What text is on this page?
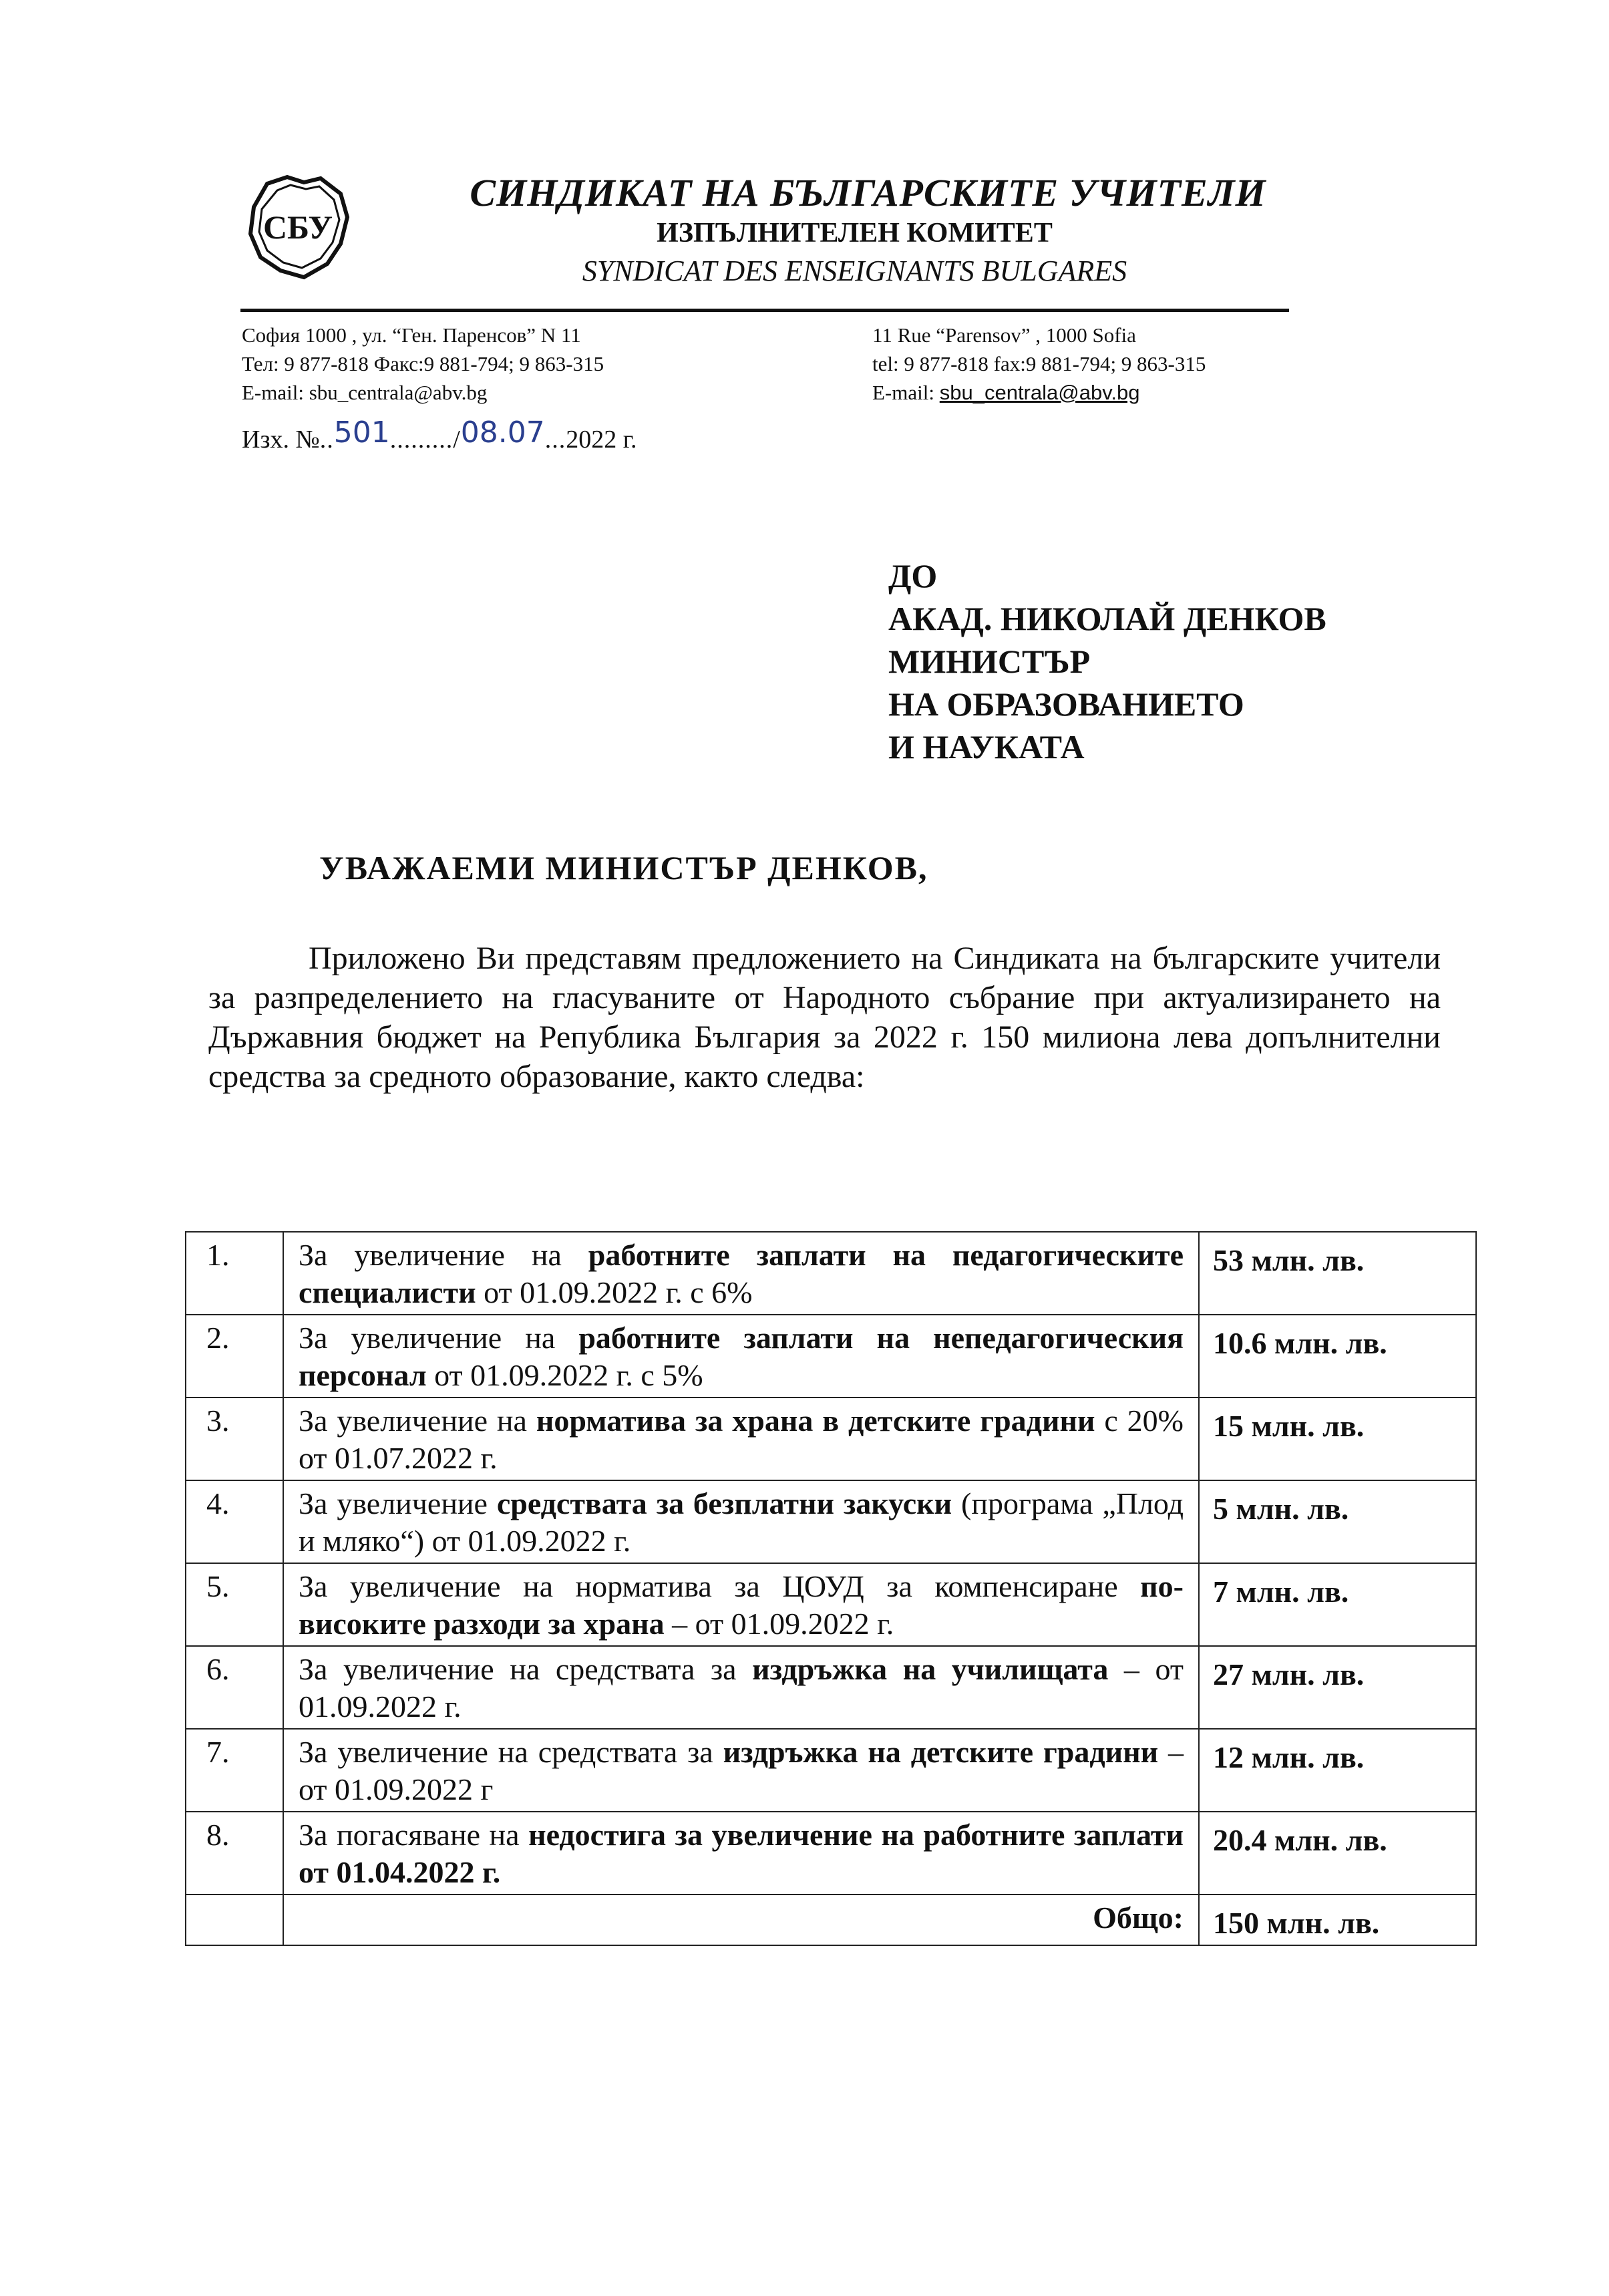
СБУ
СИНДИКАТ НА БЪЛГАРСКИТЕ УЧИТЕЛИ
ИЗПЪЛНИТЕЛЕН КОМИТЕТ
SYNDICAT DES ENSEIGNANTS BULGARES
София 1000 , ул. “Ген. Паренсов” N 11
Тел: 9 877-818 Факс:9 881-794; 9 863-315
E-mail: sbu_centrala@abv.bg
11 Rue “Parensov” , 1000 Sofia
tel: 9 877-818 fax:9 881-794; 9 863-315
E-mail: sbu_centrala@abv.bg
Изх. №..501........./08.07...2022 г.
ДО
АКАД. НИКОЛАЙ ДЕНКОВ
МИНИСТЪР
НА ОБРАЗОВАНИЕТО
И НАУКАТА
УВАЖАЕМИ МИНИСТЪР ДЕНКОВ,
Приложено Ви представям предложението на Синдиката на българските учители за разпределението на гласуваните от Народното събрание при актуализирането на Държавния бюджет на Република България за 2022 г. 150 милиона лева допълнителни средства за средното образование, както следва:
1.	За увеличение на работните заплати на педагогическите специалисти от 01.09.2022 г. с 6%	53 млн. лв.
2.	За увеличение на работните заплати на непедагогическия персонал от 01.09.2022 г. с 5%	10.6 млн. лв.
3.	За увеличение на норматива за храна в детските градини с 20% от 01.07.2022 г.	15 млн. лв.
4.	За увеличение средствата за безплатни закуски (програма „Плод и мляко“) от 01.09.2022 г.	5 млн. лв.
5.	За увеличение на норматива за ЦОУД за компенсиране по-високите разходи за храна – от 01.09.2022 г.	7 млн. лв.
6.	За увеличение на средствата за издръжка на училищата – от 01.09.2022 г.	27 млн. лв.
7.	За увеличение на средствата за издръжка на детските градини – от 01.09.2022 г	12 млн. лв.
8.	За погасяване на недостига за увеличение на работните заплати от 01.04.2022 г.	20.4 млн. лв.
	Общо:	150 млн. лв.
